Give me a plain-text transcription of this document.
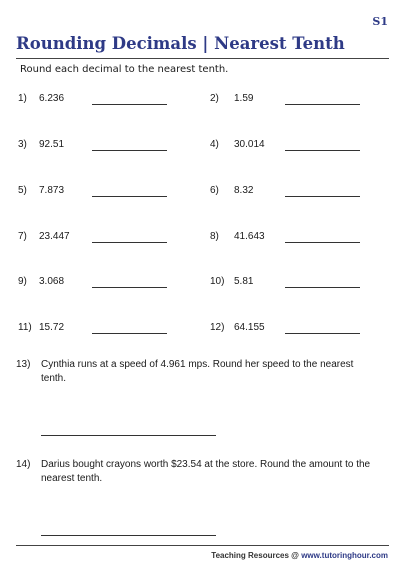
S1
Rounding Decimals | Nearest Tenth
Round each decimal to the nearest tenth.
1)	6.236	2)	1.59
3)	92.51	4)	30.014
5)	7.873	6)	8.32
7)	23.447	8)	41.643
9)	3.068	10) 5.81
11) 15.72	12) 64.155
13) Cynthia runs at a speed of 4.961 mps. Round her speed to the nearest tenth.
14) Darius bought crayons worth $23.54 at the store. Round the amount to the nearest tenth.
Teaching Resources @ www.tutoringhour.com
